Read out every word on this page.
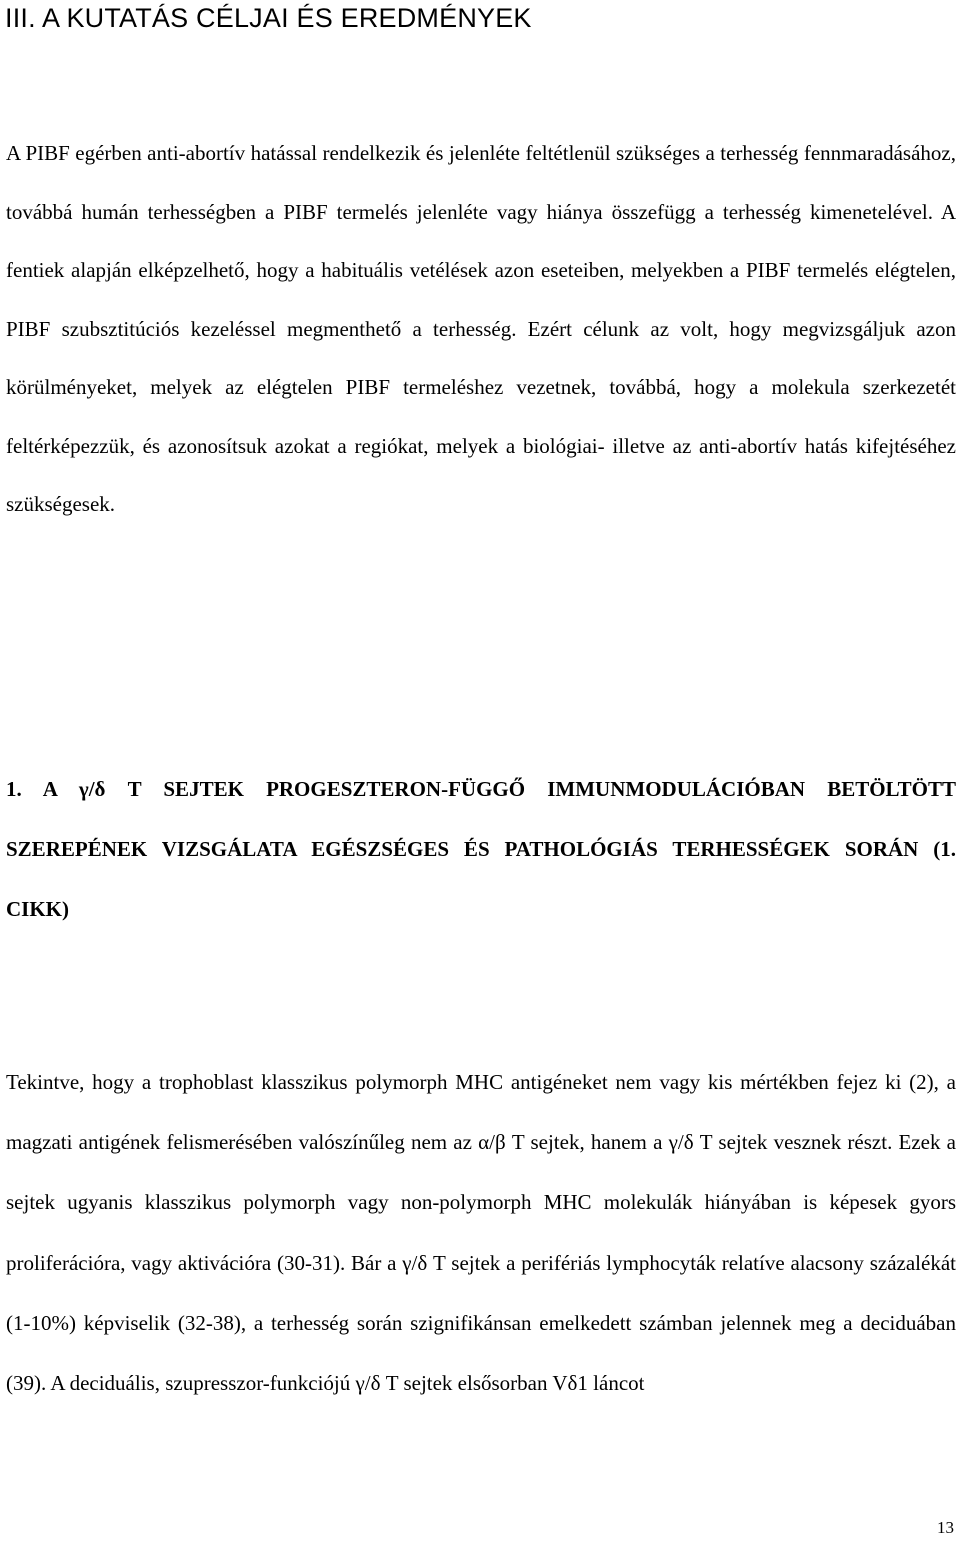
III. A KUTATÁS CÉLJAI ÉS EREDMÉNYEK

A PIBF egérben anti-abortív hatással rendelkezik és jelenléte feltétlenül szükséges a terhesség fennmaradásához, továbbá humán terhességben a PIBF termelés jelenléte vagy hiánya összefügg a terhesség kimenetelével. A fentiek alapján elképzelhető, hogy a habituális vetélések azon eseteiben, melyekben a PIBF termelés elégtelen, PIBF szubsztitúciós kezeléssel megmenthető a terhesség. Ezért célunk az volt, hogy megvizsgáljuk azon körülményeket, melyek az elégtelen PIBF termeléshez vezetnek, továbbá, hogy a molekula szerkezetét feltérképezzük, és azonosítsuk azokat a regiókat, melyek a biológiai- illetve az anti-abortív hatás kifejtéséhez szükségesek.

1. A γ/δ T SEJTEK PROGESZTERON-FÜGGŐ IMMUNMODULÁCIÓBAN BETÖLTÖTT SZEREPÉNEK VIZSGÁLATA EGÉSZSÉGES ÉS PATHOLÓGIÁS TERHESSÉGEK SORÁN (1. CIKK)

Tekintve, hogy a trophoblast klasszikus polymorph MHC antigéneket nem vagy kis mértékben fejez ki (2), a magzati antigének felismerésében valószínűleg nem az α/β T sejtek, hanem a γ/δ T sejtek vesznek részt. Ezek a sejtek ugyanis klasszikus polymorph vagy non-polymorph MHC molekulák hiányában is képesek gyors proliferációra, vagy aktivációra (30-31). Bár a γ/δ T sejtek a perifériás lymphocyták relatíve alacsony százalékát (1-10%) képviselik (32-38), a terhesség során szignifikánsan emelkedett számban jelennek meg a deciduában (39). A deciduális, szupresszor-funkciójú γ/δ T sejtek elsősorban Vδ1 láncot

13
